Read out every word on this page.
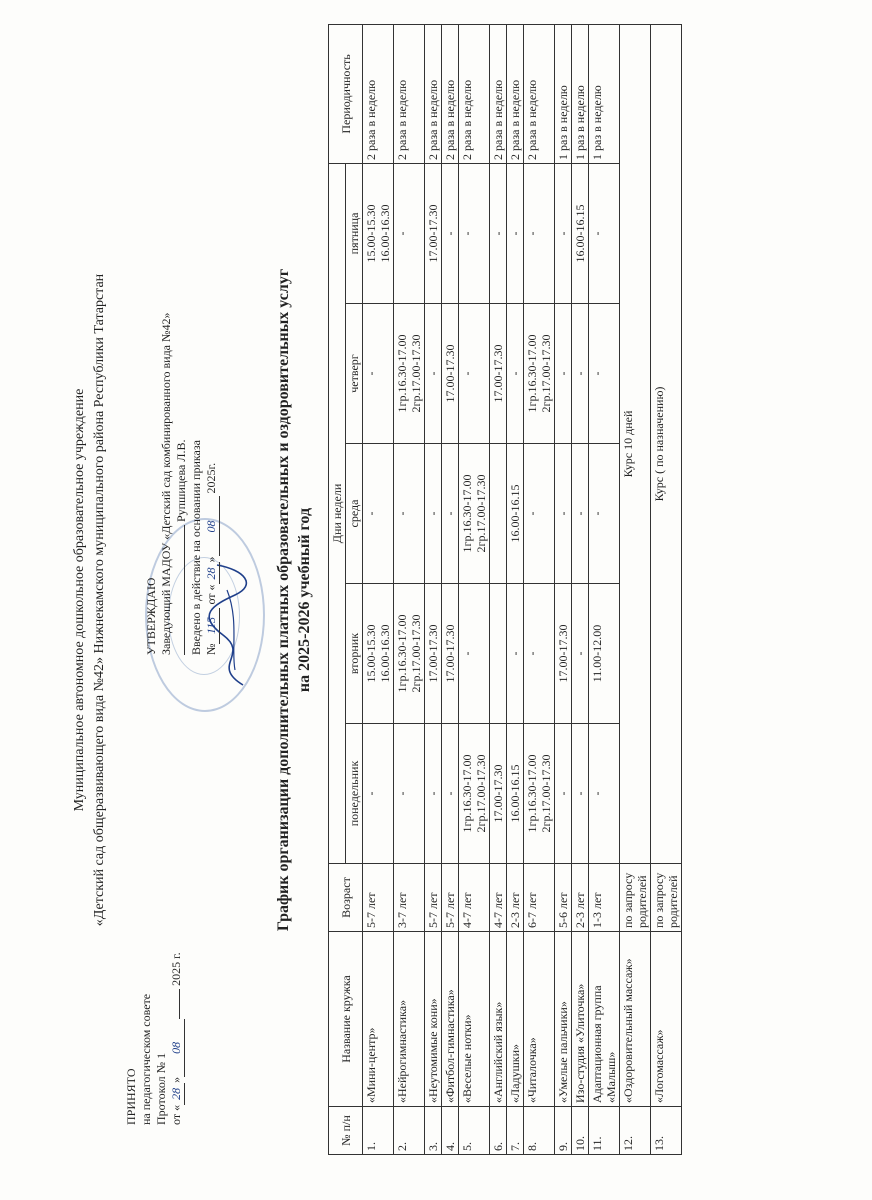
Муниципальное автономное дошкольное образовательное учреждение «Детский сад общеразвивающего вида №42» Нижнекамского муниципального района Республики Татарстан
ПРИНЯТО на педагогическом совете Протокол № 1 от «28»08 2025 г.
УТВЕРЖДАЮ Заведующий МАДОУ «Детский сад комбинированного вида №42» Рупшицева Л.В. Введено в действие на основании приказа №115 от «28»08 2025г.	График организации дополнительных платных образовательных и оздоровительных услуг на 2025-2026 учебный год
№ п/н	Название кружка	Возраст	Дни недели					Периодичность
			понедельник	вторник	среда	четверг	пятница	
1.	«Мини-центр»	5-7 лет	-	15.00-15.30
16.00-16.30	-	-	15.00-15.30
16.00-16.30	2 раза в неделю
2.	«Нейрогимнастика»	3-7 лет	-	1гр.16.30-17.00
2гр.17.00-17.30	-	1гр.16.30-17.00
2гр.17.00-17.30	-	2 раза в неделю
3.	«Неутомимые кони»	5-7 лет	-	17.00-17.30	-	-	17.00-17.30	2 раза в неделю
4.	«Фитбол-гимнастика»	5-7 лет	-	17.00-17.30	-	17.00-17.30	-	2 раза в неделю
5.	«Веселые нотки»	4-7 лет	1гр.16.30-17.00
2гр.17.00-17.30	-	1гр.16.30-17.00
2гр.17.00-17.30	-	-	2 раза в неделю
6.	«Английский язык»	4-7 лет	17.00-17.30			17.00-17.30	-	2 раза в неделю
7.	«Ладушки»	2-3 лет	16.00-16.15	-	16.00-16.15	-	-	2 раза в неделю
8.	«Читалочка»	6-7 лет	1гр.16.30-17.00
2гр.17.00-17.30	-	-	1гр.16.30-17.00
2гр.17.00-17.30	-	2 раза в неделю
9.	«Умелые пальчики»	5-6 лет	-	17.00-17.30	-	-	-	1 раз в неделю
10.	Изо-студия «Улиточка»	2-3 лет	-	-	-	-	16.00-16.15	1 раз в неделю
11.	Адаптационная группа «Малыш»	1-3 лет	-	11.00-12.00	-	-	-	1 раз в неделю
12.	«Оздоровительный массаж»	по запросу родителей	Курс 10 дней					
13.	«Логомассаж»	по запросу родителей	Курс ( по назначению)					
